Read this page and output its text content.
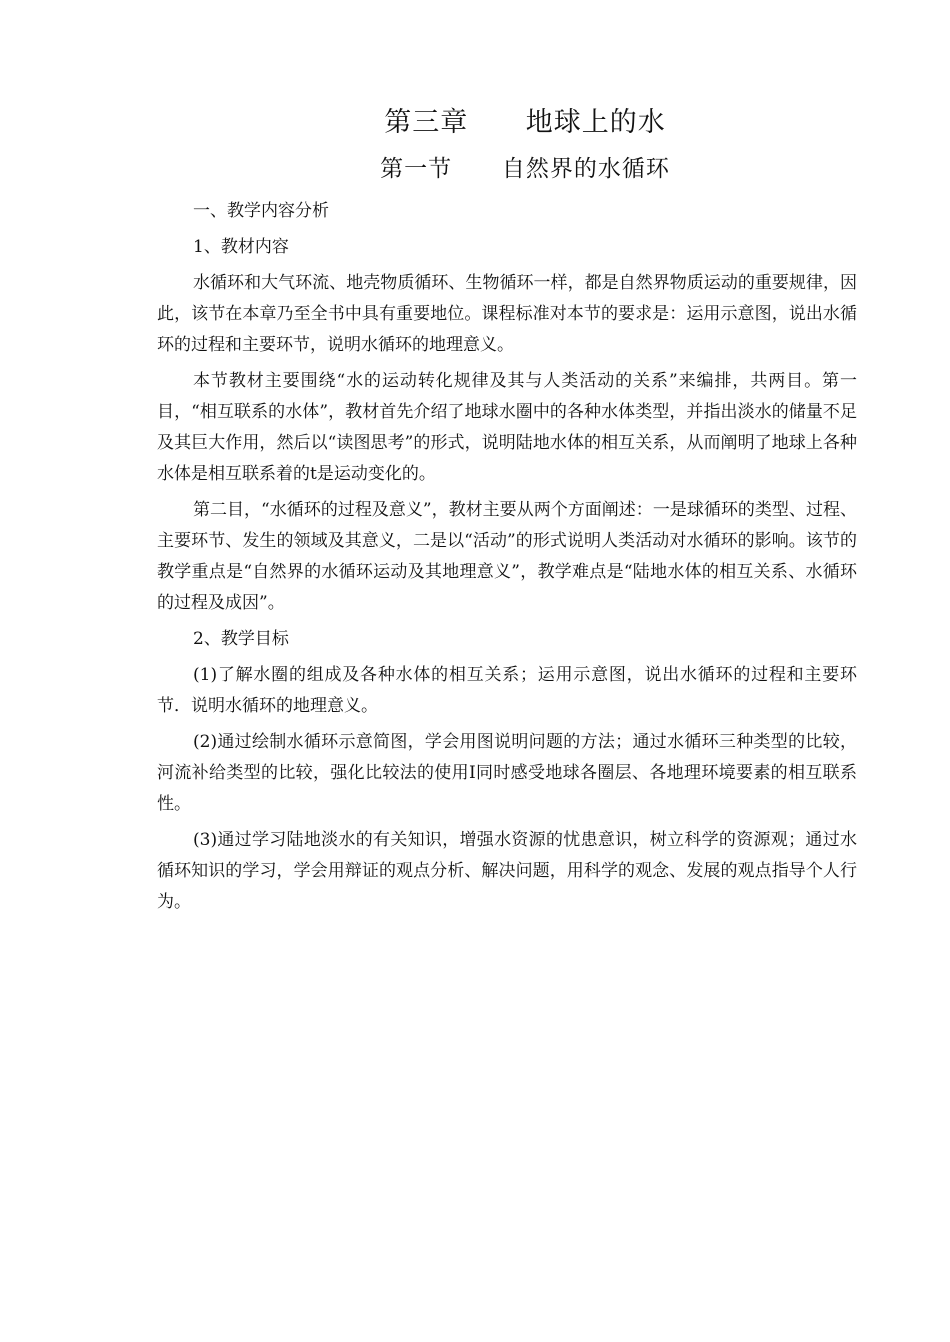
第三章      地球上的水
第一节      自然界的水循环

一、教学内容分析

1、教材内容

水循环和大气环流、地壳物质循环、生物循环一样，都是自然界物质运动的重要规律，因此，该节在本章乃至全书中具有重要地位。课程标准对本节的要求是：运用示意图，说出水循环的过程和主要环节，说明水循环的地理意义。

本节教材主要围绕“水的运动转化规律及其与人类活动的关系”来编排，共两目。第一目，“相互联系的水体”，教材首先介绍了地球水圈中的各种水体类型，并指出淡水的储量不足及其巨大作用，然后以“读图思考”的形式，说明陆地水体的相互关系，从而阐明了地球上各种水体是相互联系着的t是运动变化的。

第二目，“水循环的过程及意义”，教材主要从两个方面阐述：一是球循环的类型、过程、主要环节、发生的领域及其意义，二是以“活动”的形式说明人类活动对水循环的影响。该节的教学重点是“自然界的水循环运动及其地理意义”，教学难点是“陆地水体的相互关系、水循环的过程及成因”。

2、教学目标

(1)了解水圈的组成及各种水体的相互关系；运用示意图，说出水循环的过程和主要环节．说明水循环的地理意义。

(2)通过绘制水循环示意简图，学会用图说明问题的方法；通过水循环三种类型的比较，河流补给类型的比较，强化比较法的使用I同时感受地球各圈层、各地理环境要素的相互联系性。

(3)通过学习陆地淡水的有关知识，增强水资源的忧患意识，树立科学的资源观；通过水循环知识的学习，学会用辩证的观点分析、解决问题，用科学的观念、发展的观点指导个人行为。
